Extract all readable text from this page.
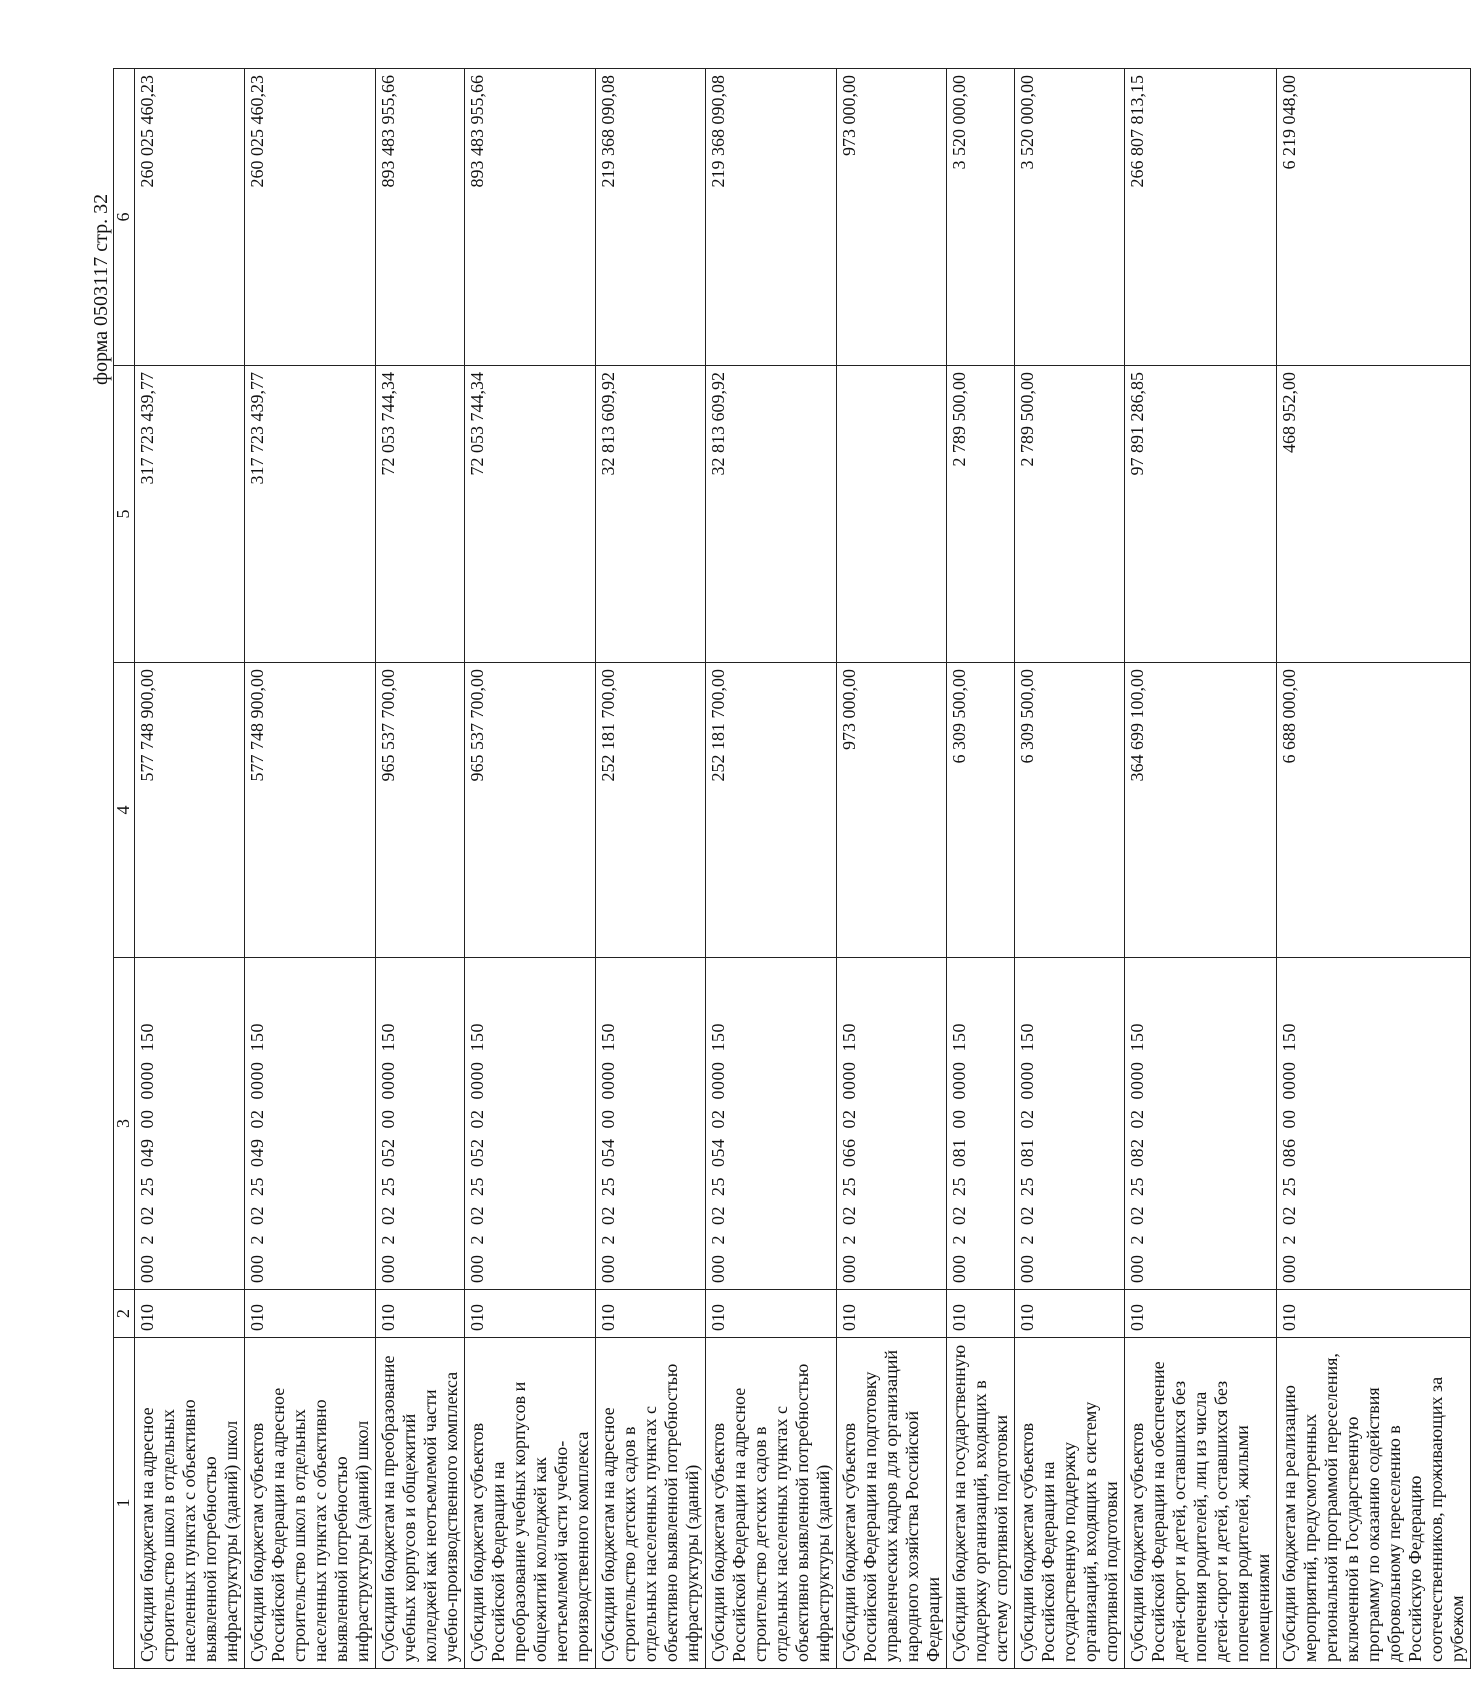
форма 0503117 стр. 32
1	2	3	4	5	6
Субсидии бюджетам на адресное строительство школ в отдельных населенных пунктах с объективно выявленной потребностью инфраструктуры (зданий) школ	010	000  2  02  25  049  00  0000  150	577 748 900,00	317 723 439,77	260 025 460,23
Субсидии бюджетам субъектов Российской Федерации на адресное строительство школ в отдельных населенных пунктах с объективно выявленной потребностью инфраструктуры (зданий) школ	010	000  2  02  25  049  02  0000  150	577 748 900,00	317 723 439,77	260 025 460,23
Субсидии бюджетам на преобразование учебных корпусов и общежитий колледжей как неотъемлемой части учебно-производственного комплекса	010	000  2  02  25  052  00  0000  150	965 537 700,00	72 053 744,34	893 483 955,66
Субсидии бюджетам субъектов Российской Федерации на преобразование учебных корпусов и общежитий колледжей как неотъемлемой части учебно-производственного комплекса	010	000  2  02  25  052  02  0000  150	965 537 700,00	72 053 744,34	893 483 955,66
Субсидии бюджетам на адресное строительство детских садов в отдельных населенных пунктах с объективно выявленной потребностью инфраструктуры (зданий)	010	000  2  02  25  054  00  0000  150	252 181 700,00	32 813 609,92	219 368 090,08
Субсидии бюджетам субъектов Российской Федерации на адресное строительство детских садов в отдельных населенных пунктах с объективно выявленной потребностью инфраструктуры (зданий)	010	000  2  02  25  054  02  0000  150	252 181 700,00	32 813 609,92	219 368 090,08
Субсидии бюджетам субъектов Российской Федерации на подготовку управленческих кадров для организаций народного хозяйства Российской Федерации	010	000  2  02  25  066  02  0000  150	973 000,00		973 000,00
Субсидии бюджетам на государственную поддержку организаций, входящих в систему спортивной подготовки	010	000  2  02  25  081  00  0000  150	6 309 500,00	2 789 500,00	3 520 000,00
Субсидии бюджетам субъектов Российской Федерации на государственную поддержку организаций, входящих в систему спортивной подготовки	010	000  2  02  25  081  02  0000  150	6 309 500,00	2 789 500,00	3 520 000,00
Субсидии бюджетам субъектов Российской Федерации на обеспечение детей-сирот и детей, оставшихся без попечения родителей, лиц из числа детей-сирот и детей, оставшихся без попечения родителей, жилыми помещениями	010	000  2  02  25  082  02  0000  150	364 699 100,00	97 891 286,85	266 807 813,15
Субсидии бюджетам на реализацию мероприятий, предусмотренных региональной программой переселения, включенной в Государственную программу по оказанию содействия добровольному переселению в Российскую Федерацию соотечественников, проживающих за рубежом	010	000  2  02  25  086  00  0000  150	6 688 000,00	468 952,00	6 219 048,00
